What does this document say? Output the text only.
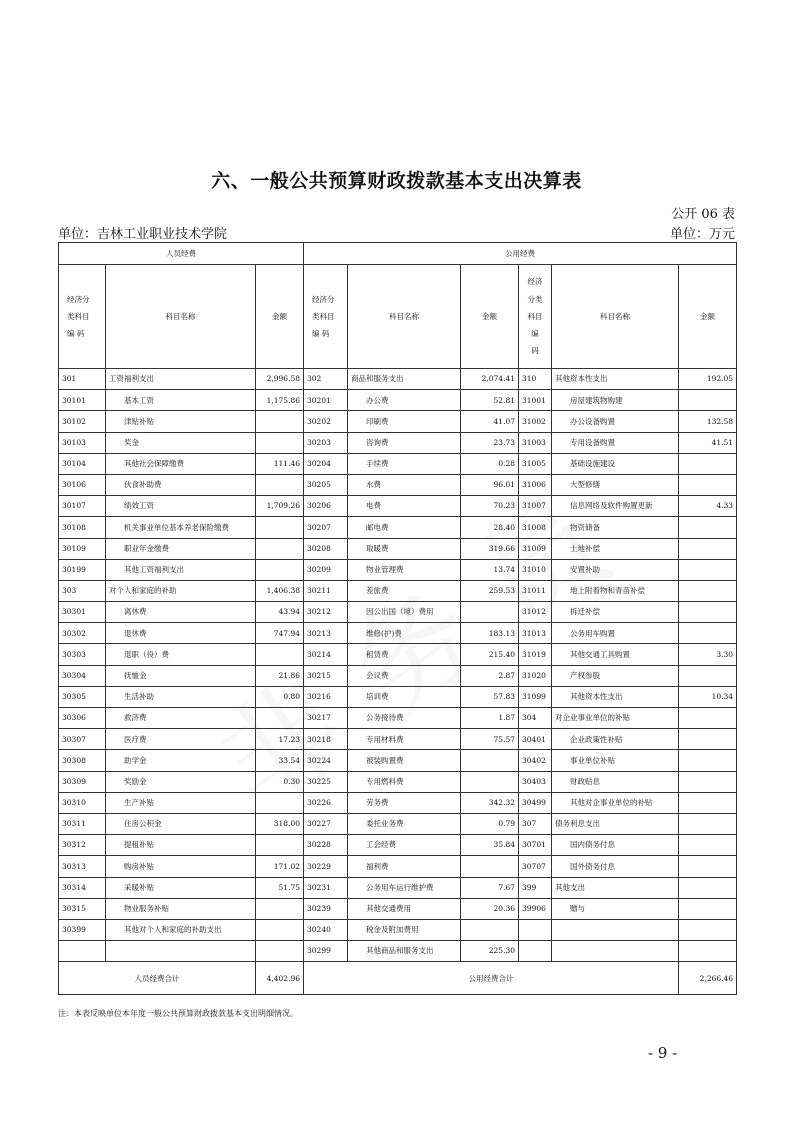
六、一般公共预算财政拨款基本支出决算表
公开 06 表
单位：吉林工业职业技术学院	单位：万元
人员经费			公用经费					
经济分
类科目
编 码	科目名称	金额	经济分
类科目
编 码	科目名称	金额	经济
分类
科目
编
码	科目名称	金额
301	工资福利支出	2,996.58	302	商品和服务支出	2,074.41	310	其他资本性支出	192.05
30101	基本工资	1,175.86	30201	办公费	52.81	31001	房屋建筑物购建	
30102	津贴补贴		30202	印刷费	41.07	31002	办公设备购置	132.58
30103	奖金		30203	咨询费	23.73	31003	专用设备购置	41.51
30104	其他社会保障缴费	111.46	30204	手续费	0.28	31005	基础设施建设	
30106	伙食补助费		30205	水费	96.01	31006	大型修缮	
30107	绩效工资	1,709.26	30206	电费	70.23	31007	信息网络及软件购置更新	4.33
30108	机关事业单位基本养老保险缴费		30207	邮电费	28.40	31008	物资储备	
30109	职业年金缴费		30208	取暖费	319.66	31009	土地补偿	
30199	其他工资福利支出		30209	物业管理费	13.74	31010	安置补助	
303	对个人和家庭的补助	1,406.38	30211	差旅费	259.53	31011	地上附着物和青苗补偿	
30301	离休费	43.94	30212	因公出国（境）费用		31012	拆迁补偿	
30302	退休费	747.94	30213	维修(护)费	183.13	31013	公务用车购置	
30303	退职（役）费		30214	租赁费	215.40	31019	其他交通工具购置	3.30
30304	抚恤金	21.86	30215	会议费	2.87	31020	产权参股	
30305	生活补助	0.80	30216	培训费	57.83	31099	其他资本性支出	10.34
30306	救济费		30217	公务接待费	1.87	304	对企业事业单位的补贴	
30307	医疗费	17.23	30218	专用材料费	75.57	30401	企业政策性补贴	
30308	助学金	33.54	30224	被装购置费		30402	事业单位补贴	
30309	奖励金	0.30	30225	专用燃料费		30403	财政贴息	
30310	生产补贴		30226	劳务费	342.32	30499	其他对企事业单位的补贴	
30311	住房公积金	318.00	30227	委托业务费	0.79	307	债务利息支出	
30312	提租补贴		30228	工会经费	35.84	30701	国内债务付息	
30313	购房补贴	171.02	30229	福利费		30707	国外债务付息	
30314	采暖补贴	51.75	30231	公务用车运行维护费	7.67	399	其他支出	
30315	物业服务补贴		30239	其他交通费用	20.36	39906	赠与	
30399	其他对个人和家庭的补助支出		30240	税金及附加费用				
			30299	其他商品和服务支出	225.30			
人员经费合计		4,402.96	公用经费合计					2,266.46
注：本表反映单位本年度一般公共预算财政拨款基本支出明细情况。
- 9 -
